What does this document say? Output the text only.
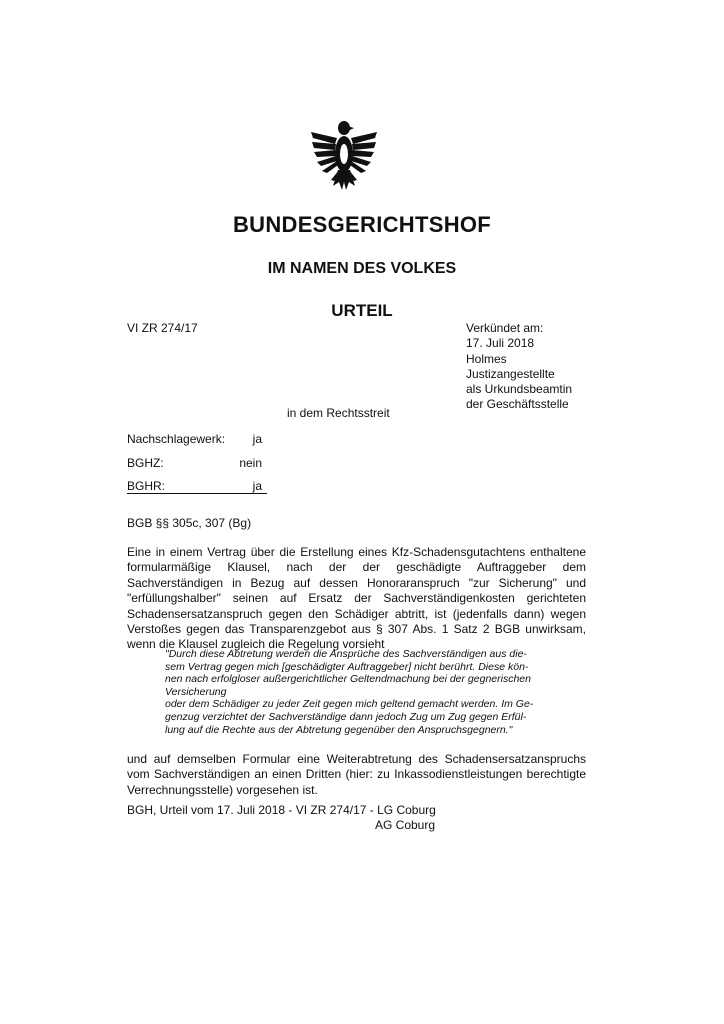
BUNDESGERICHTSHOF
IM NAMEN DES VOLKES
URTEIL
VI ZR 274/17	Verkündet am:
17. Juli 2018
Holmes
Justizangestellte
als Urkundsbeamtin
der Geschäftsstelle
in dem Rechtsstreit
Nachschlagewerk: ja
BGHZ:	nein
BGHR:	ja
BGB §§ 305c, 307 (Bg)

Eine in einem Vertrag über die Erstellung eines Kfz-Schadensgutachtens enthaltene formularmäßige Klausel, nach der der geschädigte Auftraggeber dem Sachverständigen in Bezug auf dessen Honoraranspruch "zur Sicherung" und "erfüllungshalber" seinen auf Ersatz der Sachverständigenkosten gerichteten Schadensersatzanspruch gegen den Schädiger abtritt, ist (jedenfalls dann) wegen Verstoßes gegen das Transparenzgebot aus § 307 Abs. 1 Satz 2 BGB unwirksam, wenn die Klausel zugleich die Regelung vorsieht

"Durch diese Abtretung werden die Ansprüche des Sachverständigen aus die-
sem Vertrag gegen mich [geschädigter Auftraggeber] nicht berührt. Diese kön-
nen nach erfolgloser außergerichtlicher Geltendmachung bei der gegnerischen
Versicherung
oder dem Schädiger zu jeder Zeit gegen mich geltend gemacht werden. Im Ge-
genzug verzichtet der Sachverständige dann jedoch Zug um Zug gegen Erfül-
lung auf die Rechte aus der Abtretung gegenüber den Anspruchsgegnern."

und auf demselben Formular eine Weiterabtretung des Schadensersatzanspruchs vom Sachverständigen an einen Dritten (hier: zu Inkassodienstleistungen berechtigte Verrechnungsstelle) vorgesehen ist.

BGH, Urteil vom 17. Juli 2018 - VI ZR 274/17 - LG Coburg
AG Coburg
